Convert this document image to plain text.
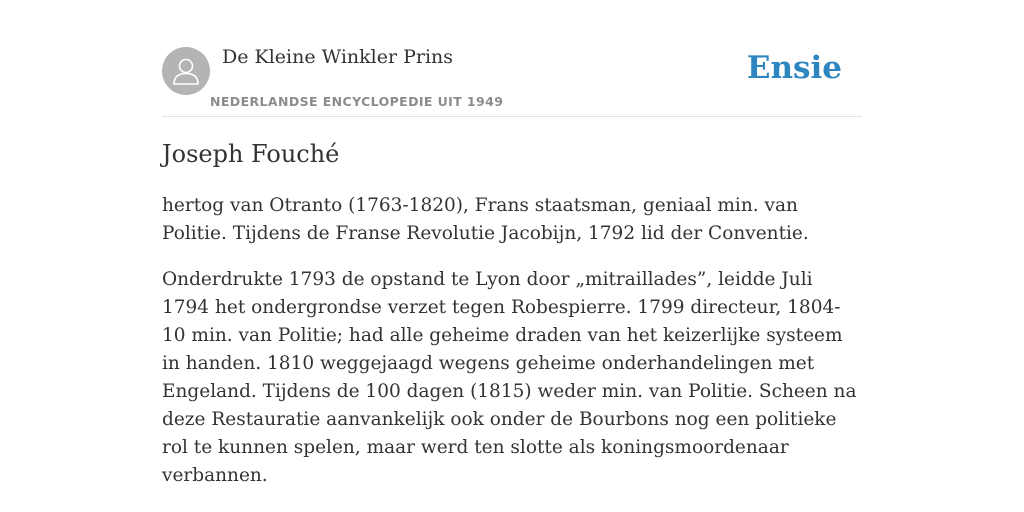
De Kleine Winkler Prins
NEDERLANDSE ENCYCLOPEDIE UIT 1949
Ensie
Joseph Fouché

hertog van Otranto (1763-1820), Frans staatsman, geniaal min. van Politie. Tijdens de Franse Revolutie Jacobijn, 1792 lid der Conventie.

Onderdrukte 1793 de opstand te Lyon door „mitraillades”, leidde Juli 1794 het ondergrondse verzet tegen Robespierre. 1799 directeur, 1804-10 min. van Politie; had alle geheime draden van het keizerlijke systeem in handen. 1810 weggejaagd wegens geheime onderhandelingen met Engeland. Tijdens de 100 dagen (1815) weder min. van Politie. Scheen na deze Restauratie aanvankelijk ook onder de Bourbons nog een politieke rol te kunnen spelen, maar werd ten slotte als koningsmoordenaar verbannen.
